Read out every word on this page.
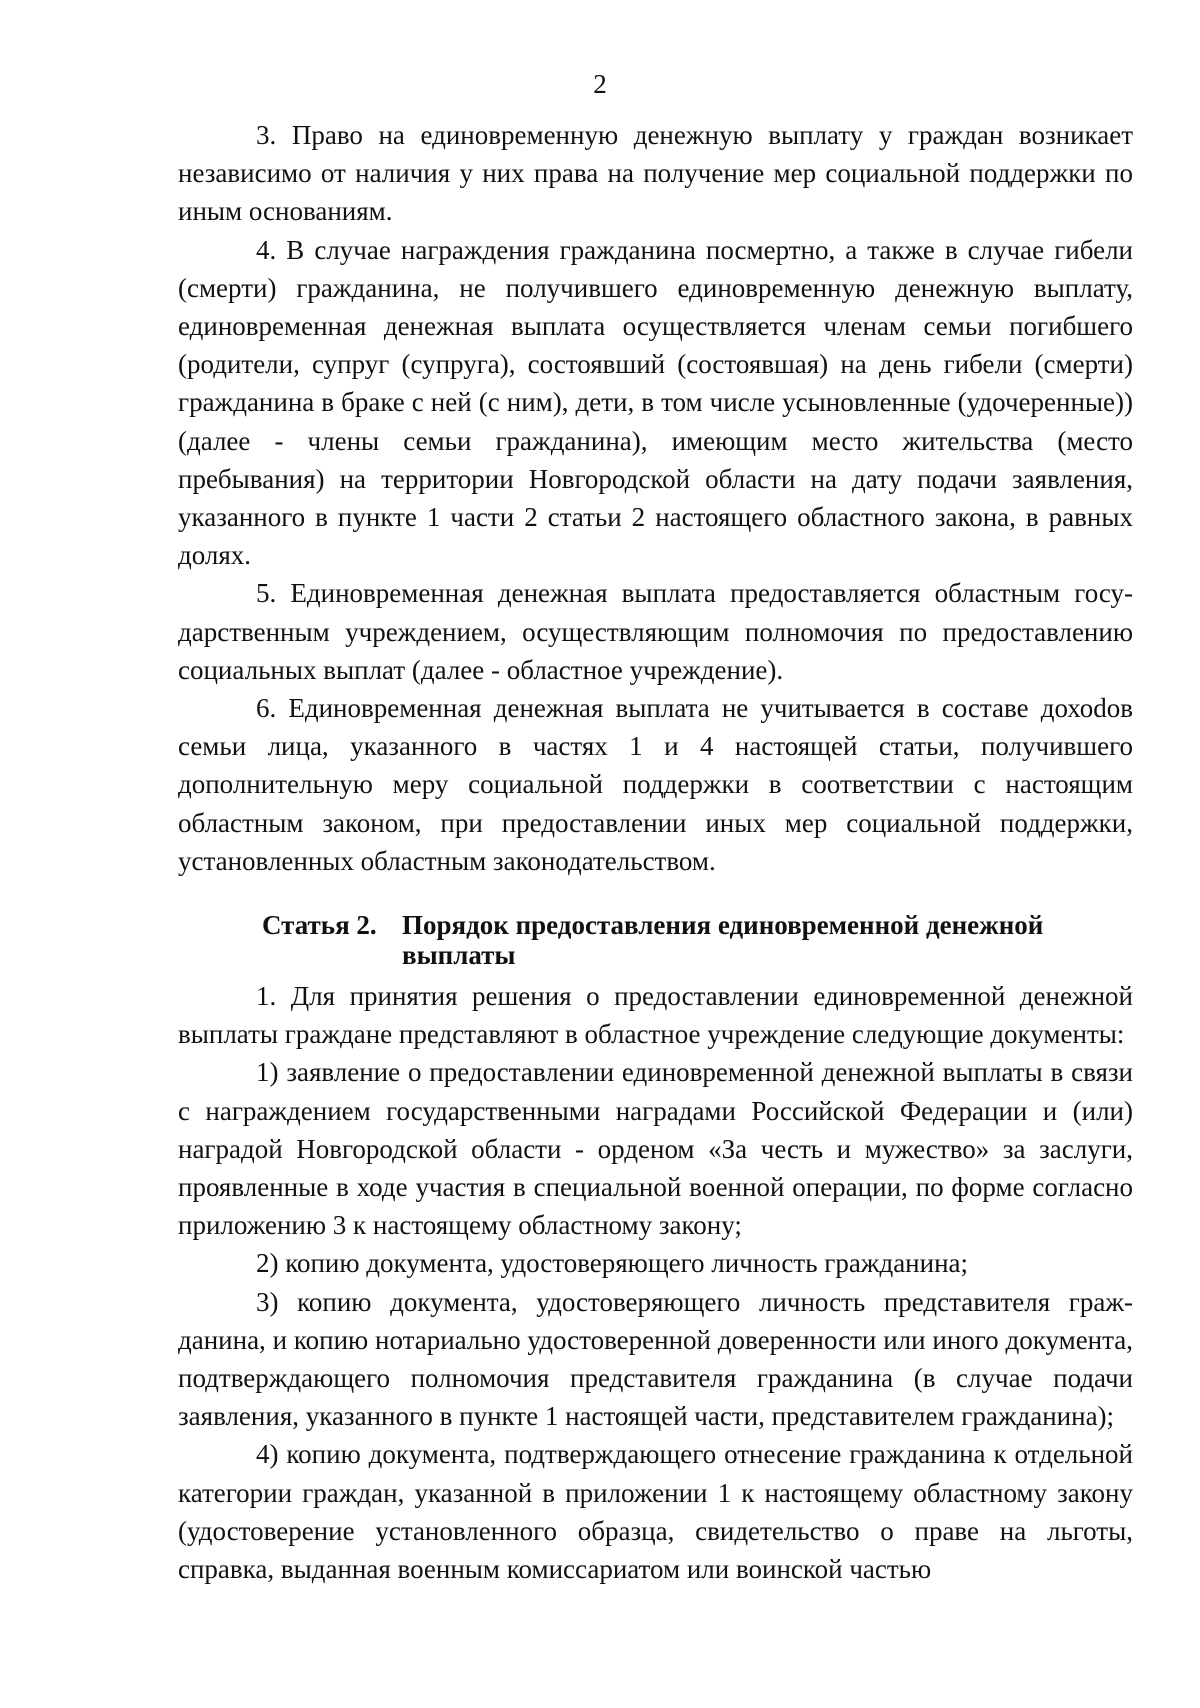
2

3. Право на единовременную денежную выплату у граждан возникает независимо от наличия у них права на получение мер социальной поддержки по иным основаниям.

4. В случае награждения гражданина посмертно, а также в случае гибели (смерти) гражданина, не получившего единовременную денежную выплату, единовременная денежная выплата осуществляется членам семьи погибшего (родители, супруг (супруга), состоявший (состоявшая) на день гибели (смерти) гражданина в браке с ней (с ним), дети, в том числе усыновленные (удочеренные)) (далее - члены семьи гражданина), имеющим место жительства (место пребывания) на территории Новгородской области на дату подачи заявления, указанного в пункте 1 части 2 статьи 2 настоящего областного закона, в равных долях.

5. Единовременная денежная выплата предоставляется областным государственным учреждением, осуществляющим полномочия по предоставлению социальных выплат (далее - областное учреждение).

6. Единовременная денежная выплата не учитывается в составе дохоdов семьи лица, указанного в частях 1 и 4 настоящей статьи, получившего дополнительную меру социальной поддержки в соответствии с настоящим областным законом, при предоставлении иных мер социальной поддержки, установленных областным законодательством.

Статья 2. Порядок предоставления единовременной денежной выплаты

1. Для принятия решения о предоставлении единовременной денежной выплаты граждане представляют в областное учреждение следующие документы:

1) заявление о предоставлении единовременной денежной выплаты в связи с награждением государственными наградами Российской Федерации и (или) наградой Новгородской области - орденом «За честь и мужество» за заслуги, проявленные в ходе участия в специальной военной операции, по форме согласно приложению 3 к настоящему областному закону;

2) копию документа, удостоверяющего личность гражданина;

3) копию документа, удостоверяющего личность представителя гражданина, и копию нотариально удостоверенной доверенности или иного документа, подтверждающего полномочия представителя гражданина (в случае подачи заявления, указанного в пункте 1 настоящей части, представителем гражданина);

4) копию документа, подтверждающего отнесение гражданина к отдельной категории граждан, указанной в приложении 1 к настоящему областному закону (удостоверение установленного образца, свидетельство о праве на льготы, справка, выданная военным комиссариатом или воинской частью
